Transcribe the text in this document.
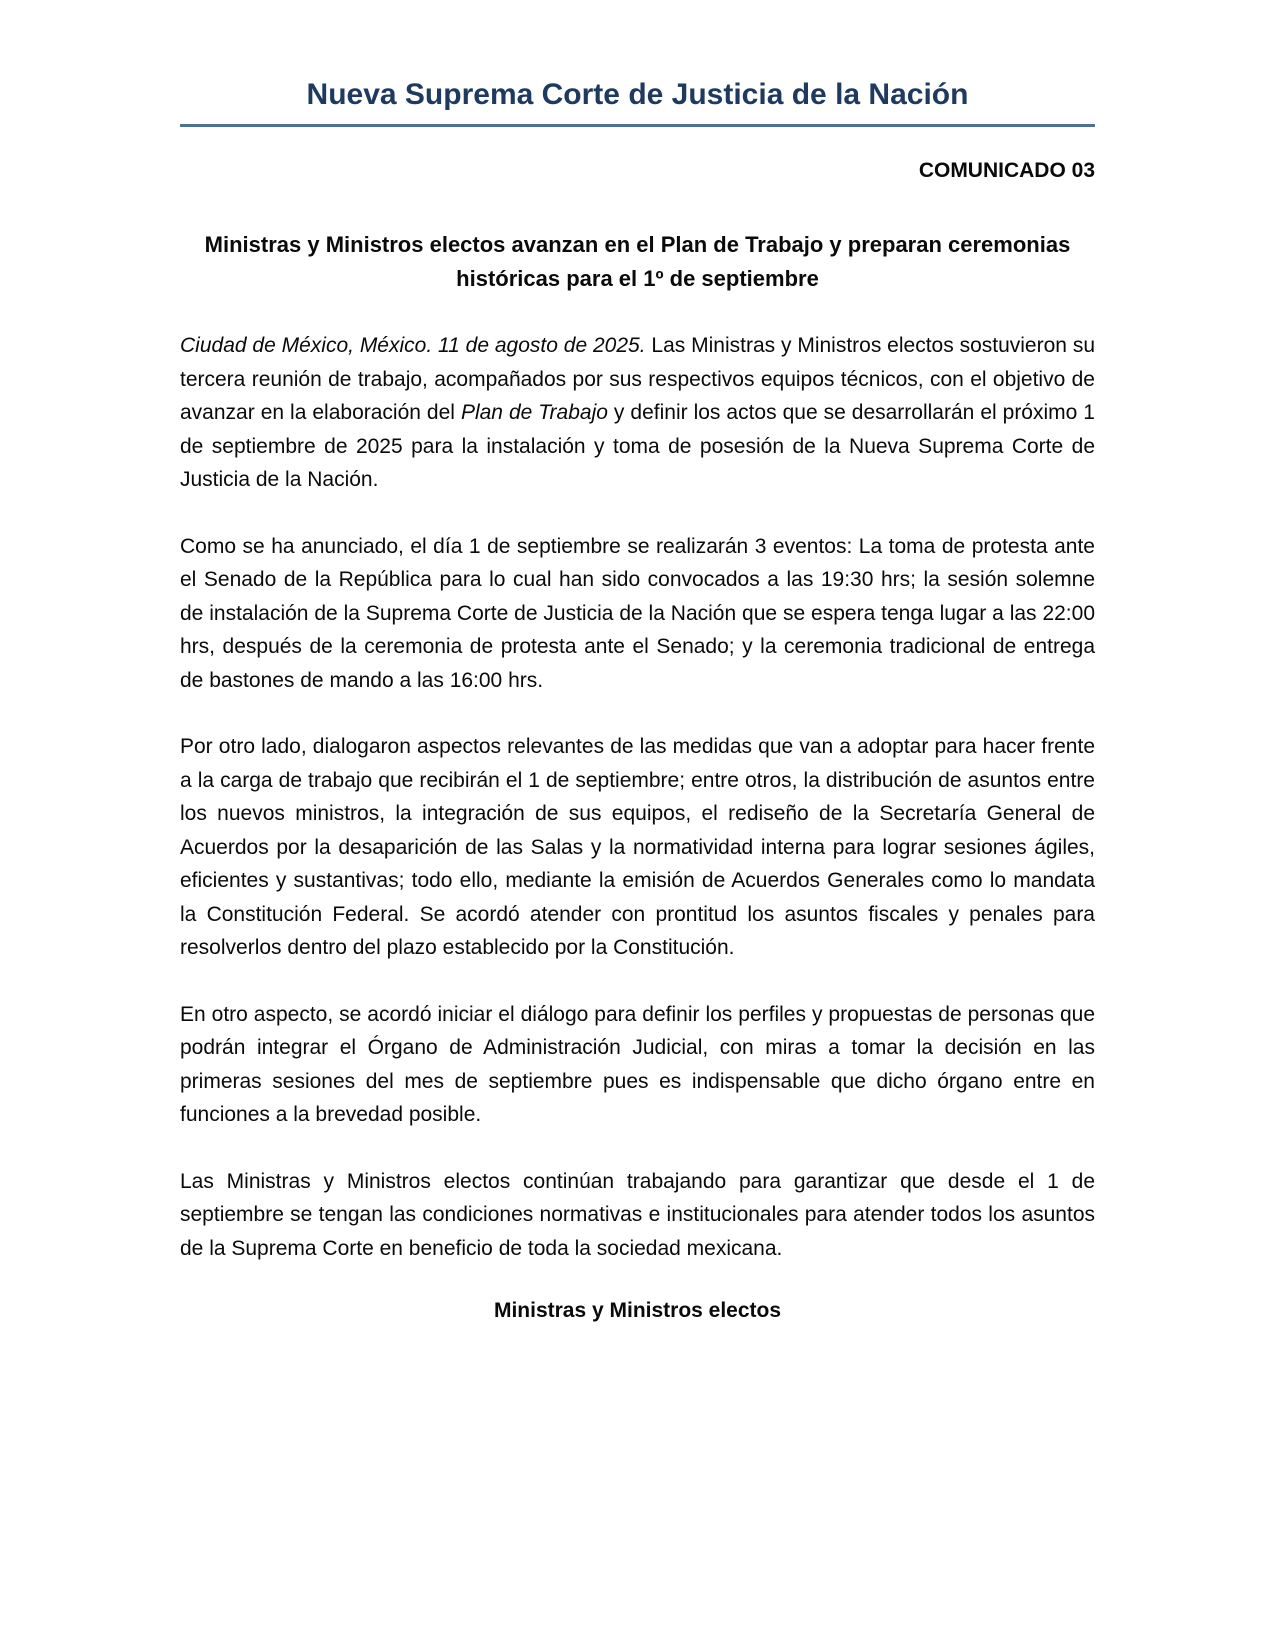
Nueva Suprema Corte de Justicia de la Nación
COMUNICADO 03
Ministras y Ministros electos avanzan en el Plan de Trabajo y preparan ceremonias históricas para el 1º de septiembre

Ciudad de México, México. 11 de agosto de 2025. Las Ministras y Ministros electos sostuvieron su tercera reunión de trabajo, acompañados por sus respectivos equipos técnicos, con el objetivo de avanzar en la elaboración del Plan de Trabajo y definir los actos que se desarrollarán el próximo 1 de septiembre de 2025 para la instalación y toma de posesión de la Nueva Suprema Corte de Justicia de la Nación.

Como se ha anunciado, el día 1 de septiembre se realizarán 3 eventos: La toma de protesta ante el Senado de la República para lo cual han sido convocados a las 19:30 hrs; la sesión solemne de instalación de la Suprema Corte de Justicia de la Nación que se espera tenga lugar a las 22:00 hrs, después de la ceremonia de protesta ante el Senado; y la ceremonia tradicional de entrega de bastones de mando a las 16:00 hrs.

Por otro lado, dialogaron aspectos relevantes de las medidas que van a adoptar para hacer frente a la carga de trabajo que recibirán el 1 de septiembre; entre otros, la distribución de asuntos entre los nuevos ministros, la integración de sus equipos, el rediseño de la Secretaría General de Acuerdos por la desaparición de las Salas y la normatividad interna para lograr sesiones ágiles, eficientes y sustantivas; todo ello, mediante la emisión de Acuerdos Generales como lo mandata la Constitución Federal. Se acordó atender con prontitud los asuntos fiscales y penales para resolverlos dentro del plazo establecido por la Constitución.

En otro aspecto, se acordó iniciar el diálogo para definir los perfiles y propuestas de personas que podrán integrar el Órgano de Administración Judicial, con miras a tomar la decisión en las primeras sesiones del mes de septiembre pues es indispensable que dicho órgano entre en funciones a la brevedad posible.

Las Ministras y Ministros electos continúan trabajando para garantizar que desde el 1 de septiembre se tengan las condiciones normativas e institucionales para atender todos los asuntos de la Suprema Corte en beneficio de toda la sociedad mexicana.

Ministras y Ministros electos
